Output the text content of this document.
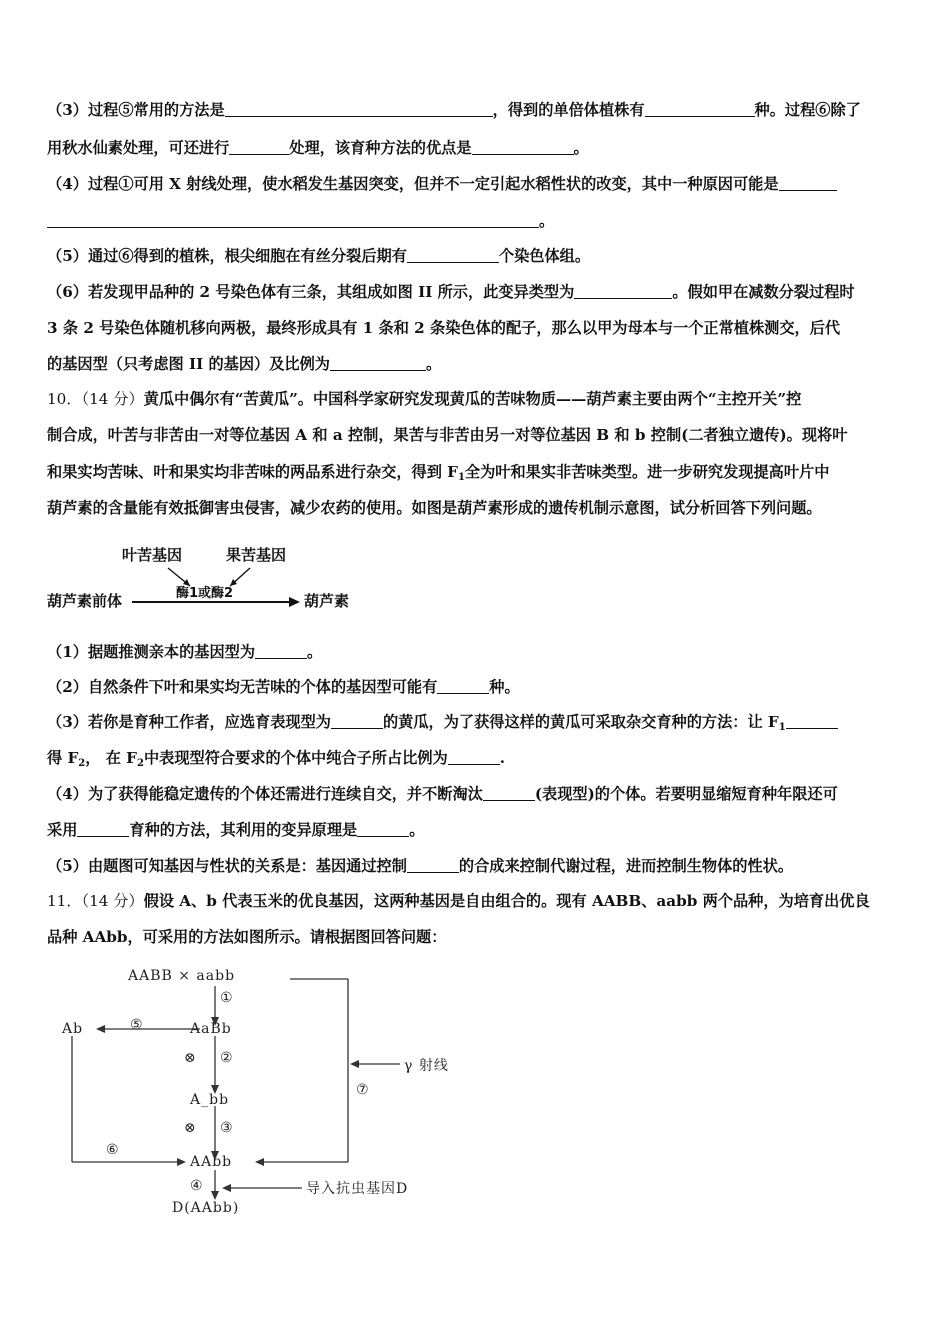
（3）过程⑤常用的方法是	，得到的单倍体植株有	种。过程⑥除了
用秋水仙素处理，可还进行	处理，该育种方法的优点是	。
（4）过程①可用 X 射线处理，使水稻发生基因突变，但并不一定引起水稻性状的改变，其中一种原因可能是
。
（5）通过⑥得到的植株，根尖细胞在有丝分裂后期有	个染色体组。
（6）若发现甲品种的 2 号染色体有三条，其组成如图 II 所示，此变异类型为	。假如甲在减数分裂过程时
3 条 2 号染色体随机移向两极，最终形成具有 1 条和 2 条染色体的配子，那么以甲为母本与一个正常植株测交，后代
的基因型（只考虑图 II 的基因）及比例为	。
10．（14 分）黄瓜中偶尔有“苦黄瓜”。中国科学家研究发现黄瓜的苦味物质——葫芦素主要由两个“主控开关”控
制合成，叶苦与非苦由一对等位基因 A 和 a 控制，果苦与非苦由另一对等位基因 B 和 b 控制(二者独立遗传)。现将叶
和果实均苦味、叶和果实均非苦味的两品系进行杂交，得到 $F_1$全为叶和果实非苦味类型。进一步研究发现提高叶片中
葫芦素的含量能有效抵御害虫侵害，减少农药的使用。如图是葫芦素形成的遗传机制示意图，试分析回答下列问题。
叶苦基因	果苦基因
酶1或酶2
葫芦素前体	葫芦素
（1）据题推测亲本的基因型为	。
（2）自然条件下叶和果实均无苦味的个体的基因型可能有	种。
（3）若你是育种工作者，应选育表现型为	的黄瓜，为了获得这样的黄瓜可采取杂交育种的方法：让 $F_1$
得 $F_2$， 在 $F_2$中表现型符合要求的个体中纯合子所占比例为	.
（4）为了获得能稳定遗传的个体还需进行连续自交，并不断淘汰	(表现型)的个体。若要明显缩短育种年限还可
采用	育种的方法，其利用的变异原理是	。
（5）由题图可知基因与性状的关系是：基因通过控制	的合成来控制代谢过程，进而控制生物体的性状。
11．（14 分）假设 A、b 代表玉米的优良基因，这两种基因是自由组合的。现有 AABB、aabb 两个品种，为培育出优良
品种 AAbb，可采用的方法如图所示。请根据图回答问题：
AABB × aabb
①
AaBb
⑤
Ab
⊗ ②	γ 射线
⑦
A_bb
⊗ ③
⑥
AAbb
④	导入抗虫基因D
D(AAbb)
